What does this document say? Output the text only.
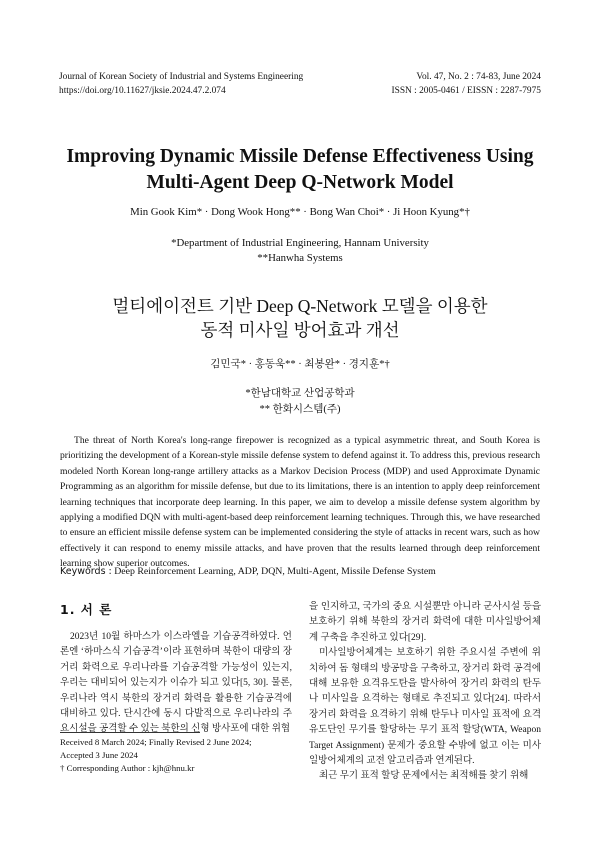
Journal of Korean Society of Industrial and Systems Engineering
https://doi.org/10.11627/jksie.2024.47.2.074
Vol. 47, No. 2 : 74-83, June 2024
ISSN : 2005-0461 / EISSN : 2287-7975
Improving Dynamic Missile Defense Effectiveness Using
Multi-Agent Deep Q-Network Model
Min Gook Kim* · Dong Wook Hong** · Bong Wan Choi* · Ji Hoon Kyung*†
*Department of Industrial Engineering, Hannam University
**Hanwha Systems
멀티에이전트 기반 Deep Q-Network 모델을 이용한
동적 미사일 방어효과 개선
김민국* · 홍동욱** · 최봉완* · 경지훈*†
*한남대학교 산업공학과
** 한화시스템(주)

The threat of North Korea's long-range firepower is recognized as a typical asymmetric threat, and South Korea is prioritizing the development of a Korean-style missile defense system to defend against it. To address this, previous research modeled North Korean long-range artillery attacks as a Markov Decision Process (MDP) and used Approximate Dynamic Programming as an algorithm for missile defense, but due to its limitations, there is an intention to apply deep reinforcement learning techniques that incorporate deep learning. In this paper, we aim to develop a missile defense system algorithm by applying a modified DQN with multi-agent-based deep reinforcement learning techniques. Through this, we have researched to ensure an efficient missile defense system can be implemented considering the style of attacks in recent wars, such as how effectively it can respond to enemy missile attacks, and have proven that the results learned through deep reinforcement learning show superior outcomes.

Keywords : Deep Reinforcement Learning, ADP, DQN, Multi-Agent, Missile Defense System
1. 서 론

2023년 10월 하마스가 이스라엘을 기습공격하였다. 언론엔 ‘하마스식 기습공격’이라 표현하며 북한이 대량의 장거리 화력으로 우리나라를 기습공격할 가능성이 있는지, 우리는 대비되어 있는지가 이슈가 되고 있다[5, 30]. 물론, 우리나라 역시 북한의 장거리 화력을 활용한 기습공격에 대비하고 있다. 단시간에 동시 다발적으로 우리나라의 주요시설을 공격할 수 있는 북한의 신형 방사포에 대한 위협

을 인지하고, 국가의 중요 시설뿐만 아니라 군사시설 등을 보호하기 위해 북한의 장거리 화력에 대한 미사일방어체계 구축을 추진하고 있다[29].

미사일방어체계는 보호하기 위한 주요시설 주변에 위치하여 돔 형태의 방공망을 구축하고, 장거리 화력 공격에 대해 보유한 요격유도탄을 발사하여 장거리 화력의 탄두나 미사일을 요격하는 형태로 추진되고 있다[24]. 따라서 장거리 화력을 요격하기 위해 탄두나 미사일 표적에 요격유도단인 무기를 할당하는 무기 표적 할당(WTA, Weapon Target Assignment) 문제가 중요할 수밖에 없고 이는 미사일방어체계의 교전 알고리즘과 연계된다.

최근 무기 표적 할당 문제에서는 최적해를 찾기 위해

Received 8 March 2024; Finally Revised 2 June 2024;
Accepted 3 June 2024
† Corresponding Author : kjh@hnu.kr
